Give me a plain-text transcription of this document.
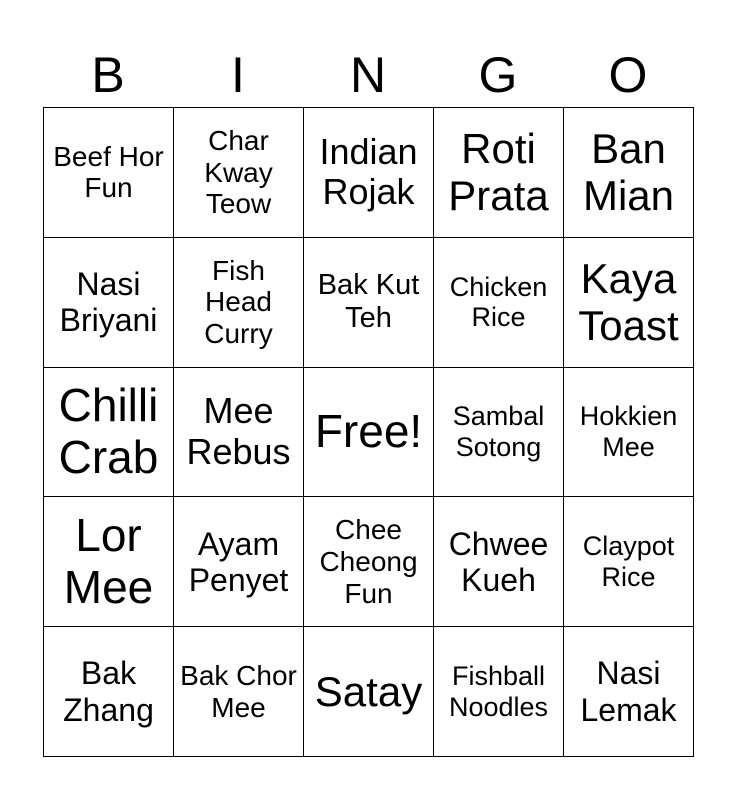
B	I	N	G	O
Beef Hor Fun	Char Kway Teow	Indian Rojak	Roti Prata	Ban Mian

Nasi Briyani	Fish Head Curry	Bak Kut Teh	Chicken Rice	Kaya Toast

Chilli Crab	Mee Rebus	Free!	Sambal Sotong	Hokkien Mee

Lor Mee	Ayam Penyet	Chee Cheong Fun	Chwee Kueh	Claypot Rice

Bak Zhang	Bak Chor Mee	Satay	Fishball Noodles	Nasi Lemak
